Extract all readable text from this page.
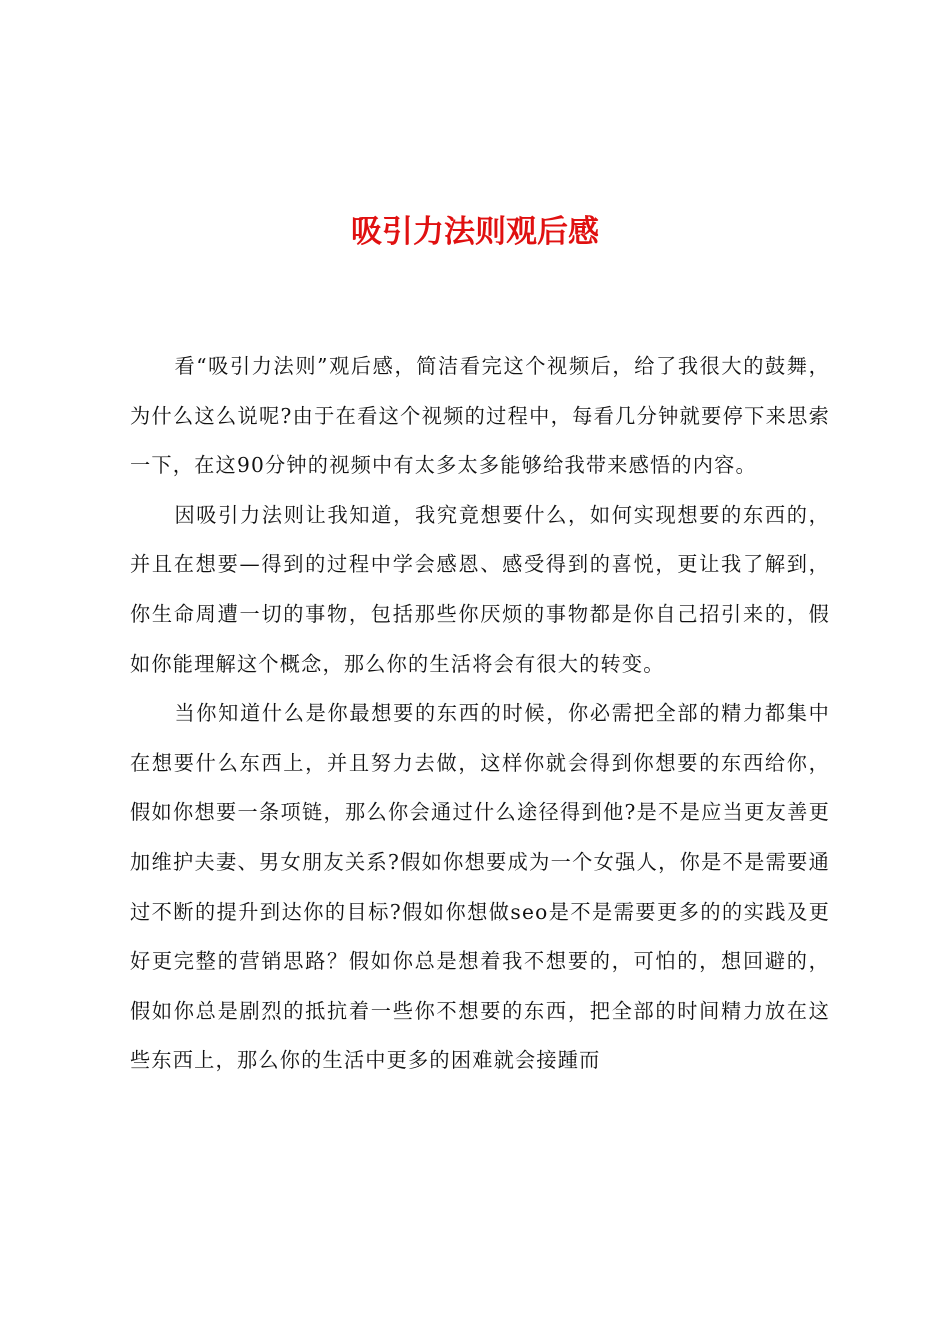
吸引力法则观后感

看“吸引力法则”观后感，简洁看完这个视频后，给了我很大的鼓舞，为什么这么说呢?由于在看这个视频的过程中，每看几分钟就要停下来思索一下，在这90分钟的视频中有太多太多能够给我带来感悟的内容。

因吸引力法则让我知道，我究竟想要什么，如何实现想要的东西的，并且在想要—得到的过程中学会感恩、感受得到的喜悦，更让我了解到，你生命周遭一切的事物，包括那些你厌烦的事物都是你自己招引来的，假如你能理解这个概念，那么你的生活将会有很大的转变。

当你知道什么是你最想要的东西的时候，你必需把全部的精力都集中在想要什么东西上，并且努力去做，这样你就会得到你想要的东西给你，假如你想要一条项链，那么你会通过什么途径得到他?是不是应当更友善更加维护夫妻、男女朋友关系?假如你想要成为一个女强人，你是不是需要通过不断的提升到达你的目标?假如你想做seo是不是需要更多的的实践及更好更完整的营销思路？假如你总是想着我不想要的，可怕的，想回避的，假如你总是剧烈的抵抗着一些你不想要的东西，把全部的时间精力放在这些东西上，那么你的生活中更多的困难就会接踵而
